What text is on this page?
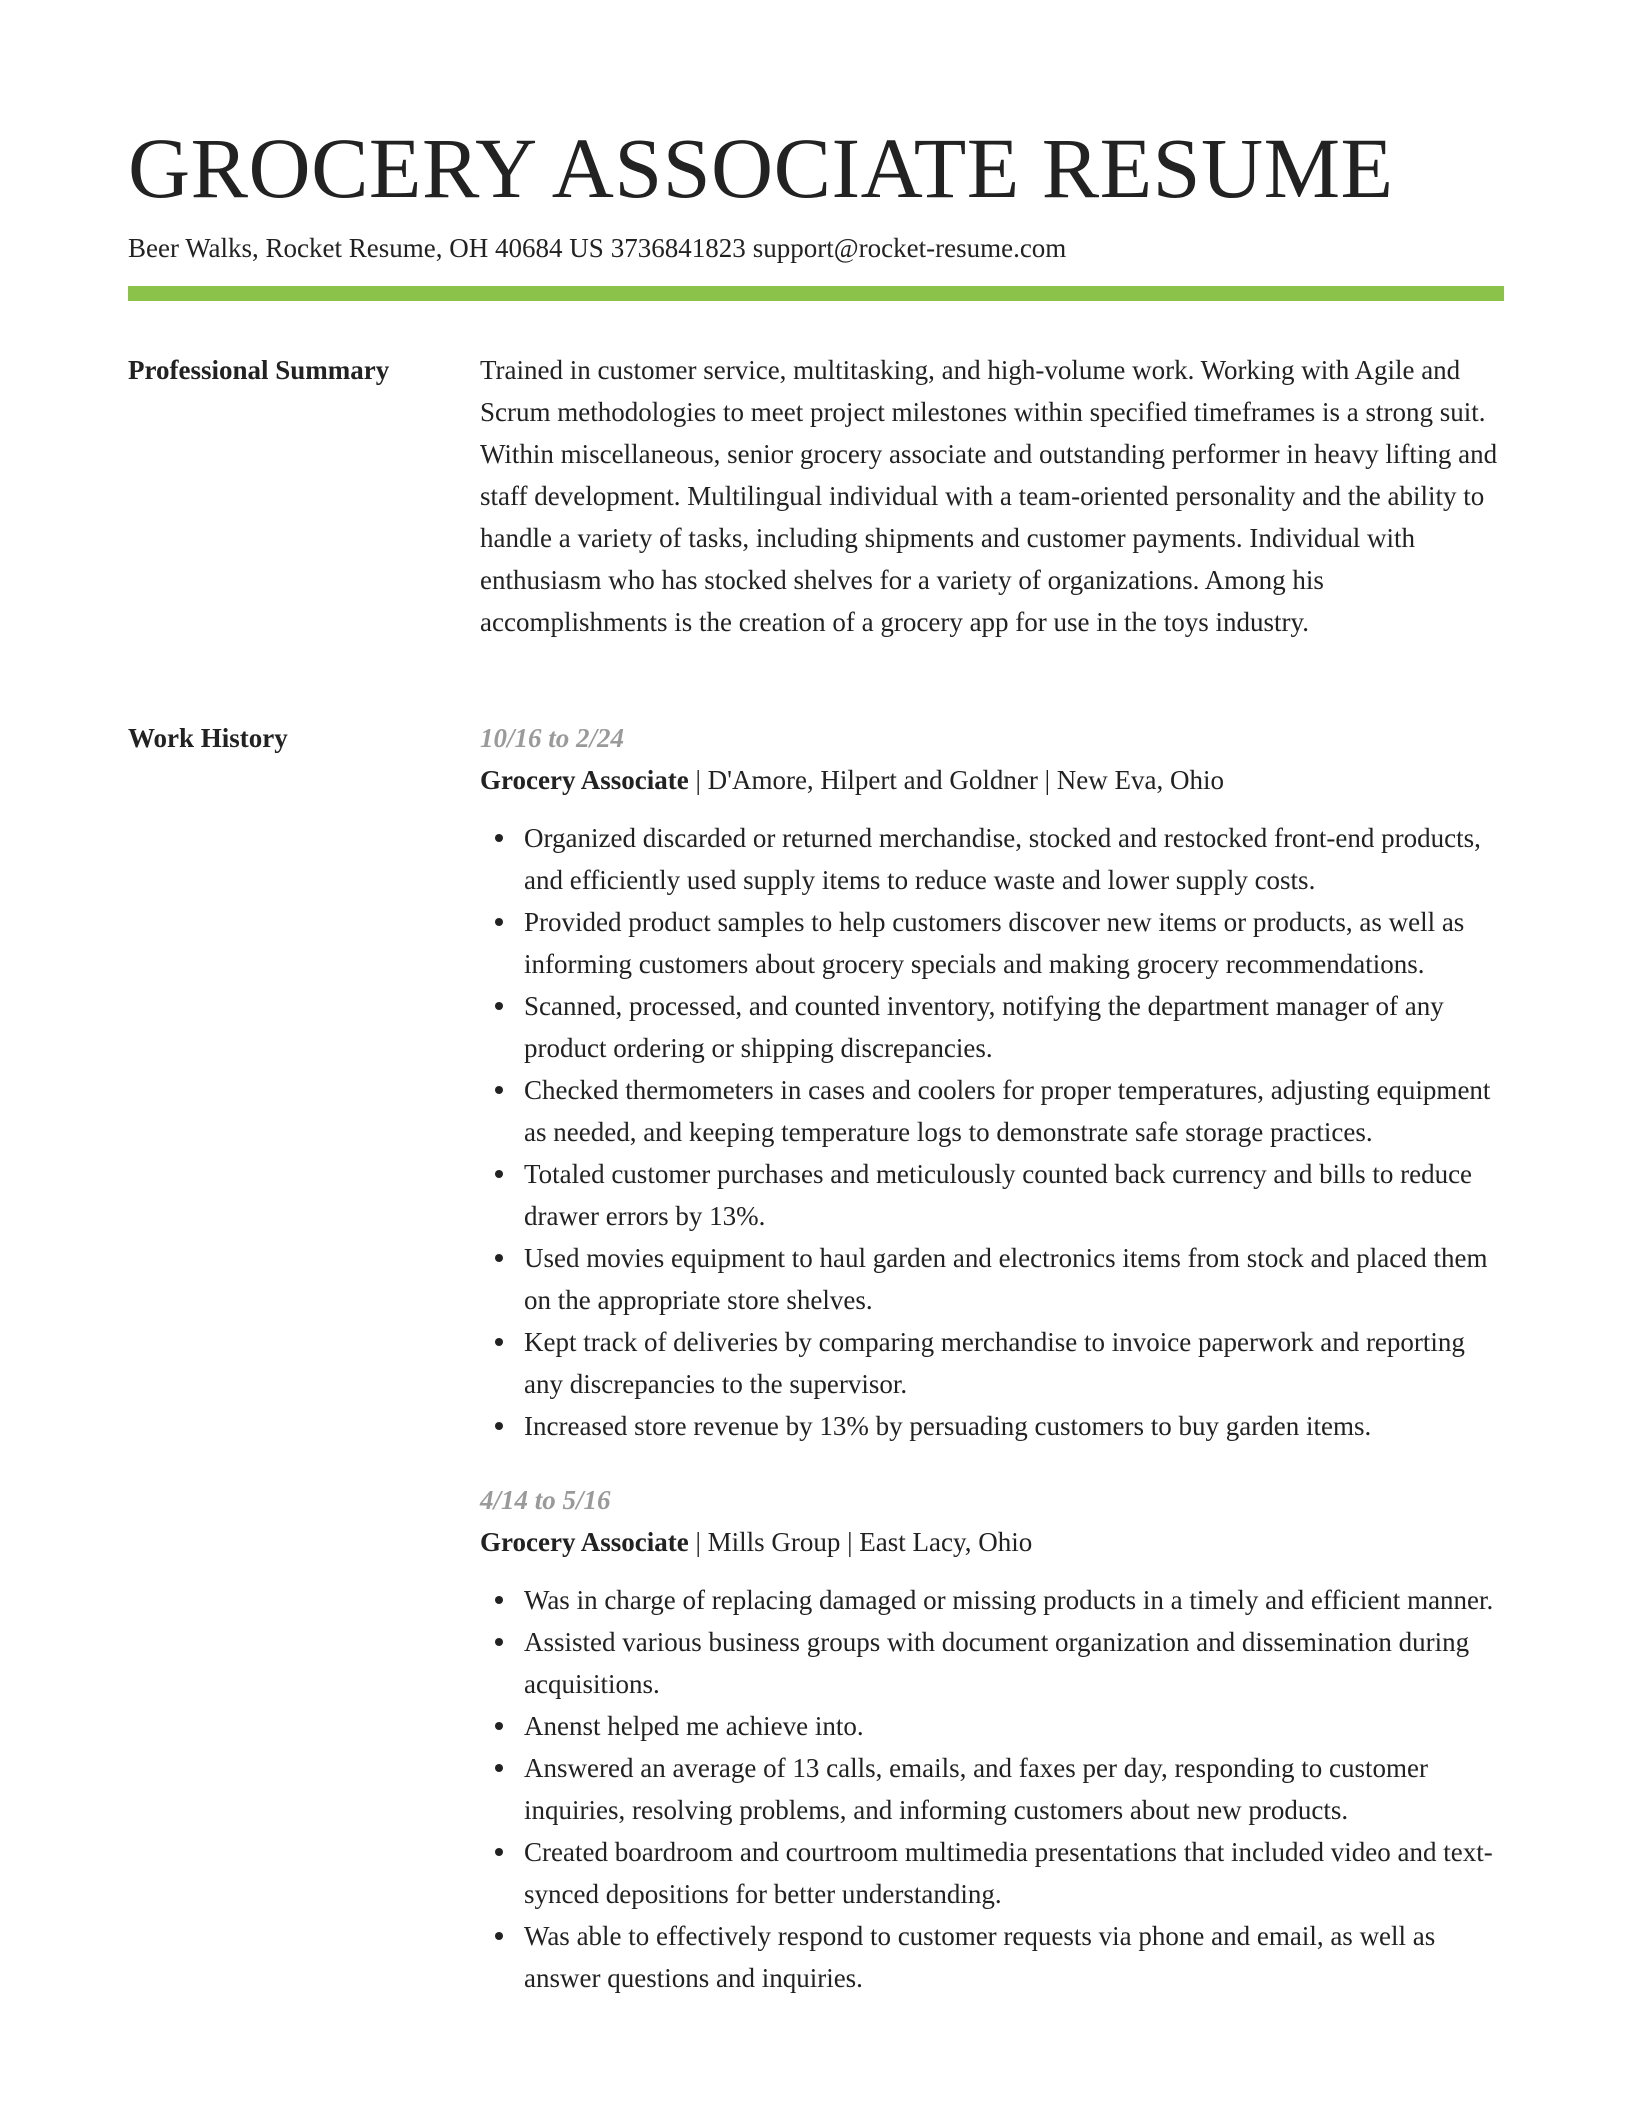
GROCERY ASSOCIATE RESUME
Beer Walks, Rocket Resume, OH 40684 US 3736841823 support@rocket-resume.com
Professional Summary	Trained in customer service, multitasking, and high-volume work. Working with Agile and Scrum methodologies to meet project milestones within specified timeframes is a strong suit. Within miscellaneous, senior grocery associate and outstanding performer in heavy lifting and staff development. Multilingual individual with a team-oriented personality and the ability to handle a variety of tasks, including shipments and customer payments. Individual with enthusiasm who has stocked shelves for a variety of organizations. Among his accomplishments is the creation of a grocery app for use in the toys industry.

Work History	10/16 to 2/24

Grocery Associate | D'Amore, Hilpert and Goldner | New Eva, Ohio

Organized discarded or returned merchandise, stocked and restocked front-end products, and efficiently used supply items to reduce waste and lower supply costs.
Provided product samples to help customers discover new items or products, as well as informing customers about grocery specials and making grocery recommendations.
Scanned, processed, and counted inventory, notifying the department manager of any product ordering or shipping discrepancies.
Checked thermometers in cases and coolers for proper temperatures, adjusting equipment as needed, and keeping temperature logs to demonstrate safe storage practices.
Totaled customer purchases and meticulously counted back currency and bills to reduce drawer errors by 13%.
Used movies equipment to haul garden and electronics items from stock and placed them on the appropriate store shelves.
Kept track of deliveries by comparing merchandise to invoice paperwork and reporting any discrepancies to the supervisor.
Increased store revenue by 13% by persuading customers to buy garden items.

4/14 to 5/16

Grocery Associate | Mills Group | East Lacy, Ohio

Was in charge of replacing damaged or missing products in a timely and efficient manner.
Assisted various business groups with document organization and dissemination during acquisitions.
Anenst helped me achieve into.
Answered an average of 13 calls, emails, and faxes per day, responding to customer inquiries, resolving problems, and informing customers about new products.
Created boardroom and courtroom multimedia presentations that included video and text-synced depositions for better understanding.
Was able to effectively respond to customer requests via phone and email, as well as answer questions and inquiries.
